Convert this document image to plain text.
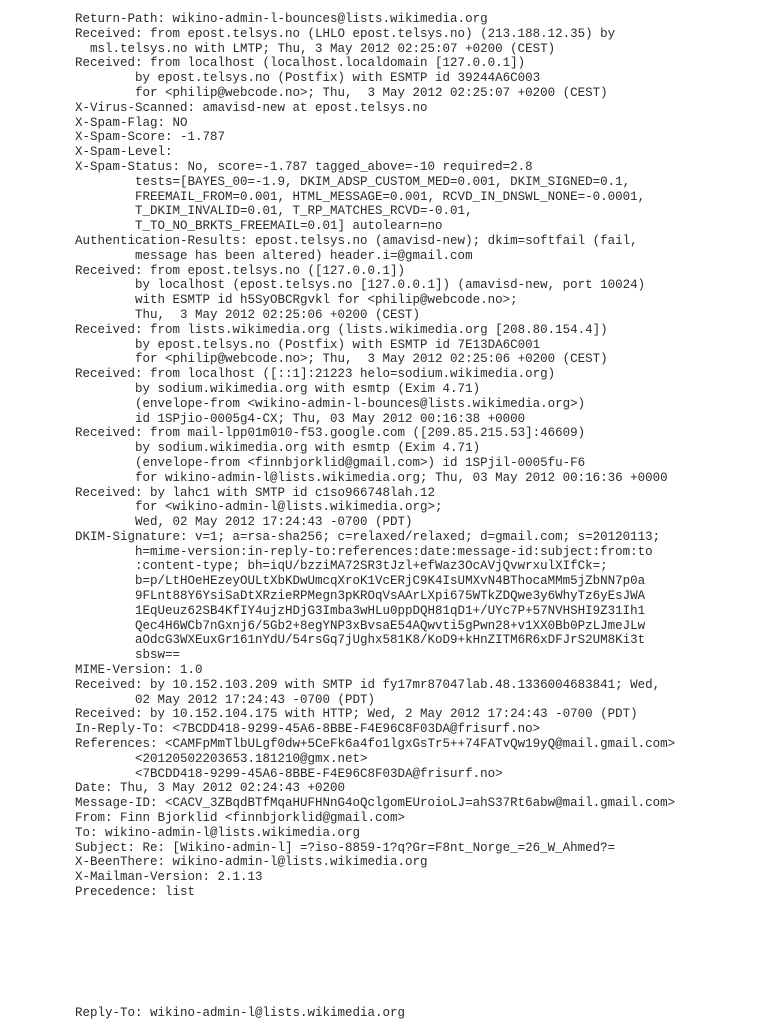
Return-Path: wikino-admin-l-bounces@lists.wikimedia.org
Received: from epost.telsys.no (LHLO epost.telsys.no) (213.188.12.35) by
msl.telsys.no with LMTP; Thu, 3 May 2012 02:25:07 +0200 (CEST)
Received: from localhost (localhost.localdomain [127.0.0.1])
by epost.telsys.no (Postfix) with ESMTP id 39244A6C003
for <philip@webcode.no>; Thu,  3 May 2012 02:25:07 +0200 (CEST)
X-Virus-Scanned: amavisd-new at epost.telsys.no
X-Spam-Flag: NO
X-Spam-Score: -1.787
X-Spam-Level:
X-Spam-Status: No, score=-1.787 tagged_above=-10 required=2.8
tests=[BAYES_00=-1.9, DKIM_ADSP_CUSTOM_MED=0.001, DKIM_SIGNED=0.1,
FREEMAIL_FROM=0.001, HTML_MESSAGE=0.001, RCVD_IN_DNSWL_NONE=-0.0001,
T_DKIM_INVALID=0.01, T_RP_MATCHES_RCVD=-0.01,
T_TO_NO_BRKTS_FREEMAIL=0.01] autolearn=no
Authentication-Results: epost.telsys.no (amavisd-new); dkim=softfail (fail,
message has been altered) header.i=@gmail.com
Received: from epost.telsys.no ([127.0.0.1])
by localhost (epost.telsys.no [127.0.0.1]) (amavisd-new, port 10024)
with ESMTP id h5SyOBCRgvkl for <philip@webcode.no>;
Thu,  3 May 2012 02:25:06 +0200 (CEST)
Received: from lists.wikimedia.org (lists.wikimedia.org [208.80.154.4])
by epost.telsys.no (Postfix) with ESMTP id 7E13DA6C001
for <philip@webcode.no>; Thu,  3 May 2012 02:25:06 +0200 (CEST)
Received: from localhost ([::1]:21223 helo=sodium.wikimedia.org)
by sodium.wikimedia.org with esmtp (Exim 4.71)
(envelope-from <wikino-admin-l-bounces@lists.wikimedia.org>)
id 1SPjio-0005g4-CX; Thu, 03 May 2012 00:16:38 +0000
Received: from mail-lpp01m010-f53.google.com ([209.85.215.53]:46609)
by sodium.wikimedia.org with esmtp (Exim 4.71)
(envelope-from <finnbjorklid@gmail.com>) id 1SPjil-0005fu-F6
for wikino-admin-l@lists.wikimedia.org; Thu, 03 May 2012 00:16:36 +0000
Received: by lahc1 with SMTP id c1so966748lah.12
for <wikino-admin-l@lists.wikimedia.org>;
Wed, 02 May 2012 17:24:43 -0700 (PDT)
DKIM-Signature: v=1; a=rsa-sha256; c=relaxed/relaxed; d=gmail.com; s=20120113;
h=mime-version:in-reply-to:references:date:message-id:subject:from:to
:content-type; bh=iqU/bzziMA72SR3tJzl+efWaz3OcAVjQvwrxulXIfCk=;
b=p/LtHOeHEzeyOULtXbKDwUmcqXroK1VcERjC9K4IsUMXvN4BThocaMMm5jZbNN7p0a
9FLnt88Y6YsiSaDtXRzieRPMegn3pKROqVsAArLXpi675WTkZDQwe3y6WhyTz6yEsJWA
1EqUeuz62SB4KfIY4ujzHDjG3Imba3wHLu0ppDQH81qD1+/UYc7P+57NVHSHI9Z31Ih1
Qec4H6WCb7nGxnj6/5Gb2+8egYNP3xBvsaE54AQwvti5gPwn28+v1XX0Bb0PzLJmeJLw
aOdcG3WXEuxGr161nYdU/54rsGq7jUghx581K8/KoD9+kHnZITM6R6xDFJrS2UM8Ki3t
sbsw==
MIME-Version: 1.0
Received: by 10.152.103.209 with SMTP id fy17mr87047lab.48.1336004683841; Wed,
02 May 2012 17:24:43 -0700 (PDT)
Received: by 10.152.104.175 with HTTP; Wed, 2 May 2012 17:24:43 -0700 (PDT)
In-Reply-To: <7BCDD418-9299-45A6-8BBE-F4E96C8F03DA@frisurf.no>
References: <CAMFpMmTlbULgf0dw+5CeFk6a4fo1lgxGsTr5++74FATvQw19yQ@mail.gmail.com>
<20120502203653.181210@gmx.net>
<7BCDD418-9299-45A6-8BBE-F4E96C8F03DA@frisurf.no>
Date: Thu, 3 May 2012 02:24:43 +0200
Message-ID: <CACV_3ZBqdBTfMqaHUFHNnG4oQclgomEUroioLJ=ahS37Rt6abw@mail.gmail.com>
From: Finn Bjorklid <finnbjorklid@gmail.com>
To: wikino-admin-l@lists.wikimedia.org
Subject: Re: [Wikino-admin-l] =?iso-8859-1?q?Gr=F8nt_Norge_=26_W_Ahmed?=
X-BeenThere: wikino-admin-l@lists.wikimedia.org
X-Mailman-Version: 2.1.13
Precedence: list
Reply-To: wikino-admin-l@lists.wikimedia.org
